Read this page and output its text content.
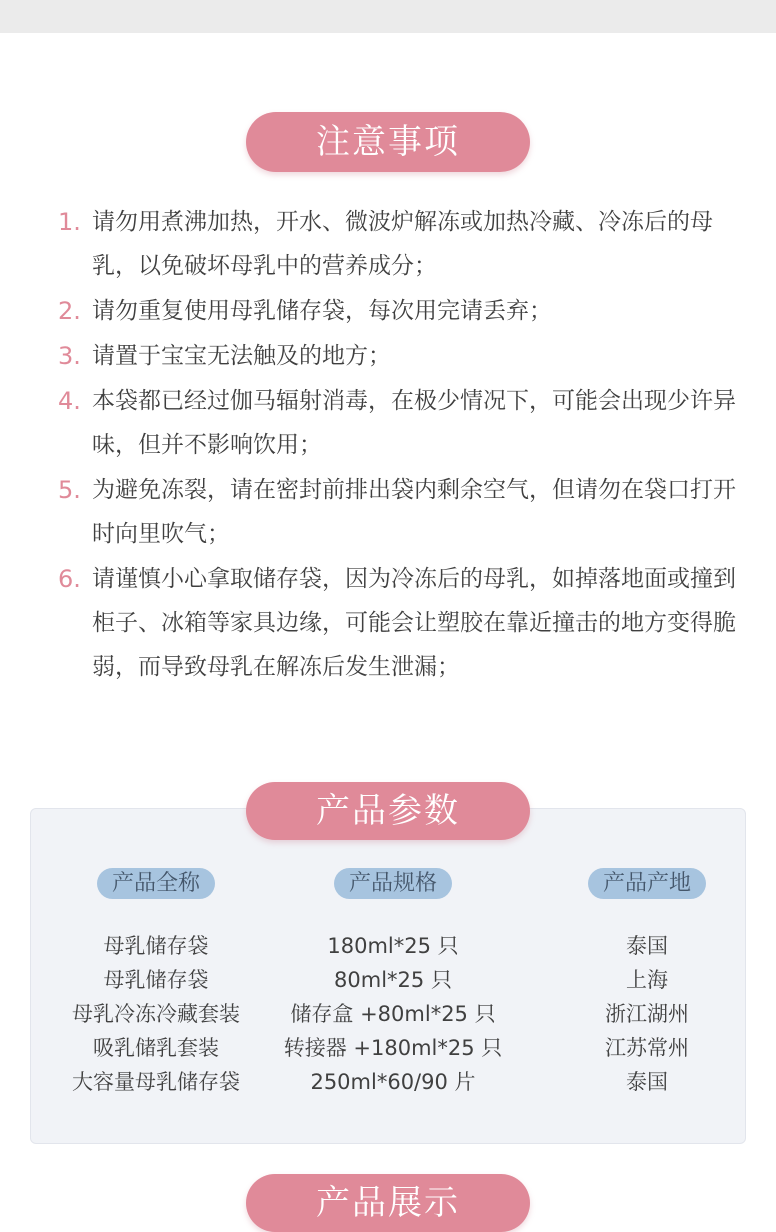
注意事项
1. 请勿用煮沸加热，开水、微波炉解冻或加热冷藏、冷冻后的母乳，以免破坏母乳中的营养成分；
2. 请勿重复使用母乳储存袋，每次用完请丢弃；
3. 请置于宝宝无法触及的地方；
4. 本袋都已经过伽马辐射消毒，在极少情况下，可能会出现少许异味，但并不影响饮用；
5. 为避免冻裂，请在密封前排出袋内剩余空气，但请勿在袋口打开时向里吹气；
6. 请谨慎小心拿取储存袋，因为冷冻后的母乳，如掉落地面或撞到柜子、冰箱等家具边缘，可能会让塑胶在靠近撞击的地方变得脆弱，而导致母乳在解冻后发生泄漏；
产品参数
产品全称
母乳储存袋
母乳储存袋
母乳冷冻冷藏套装
吸乳储乳套装
大容量母乳储存袋
产品规格
180ml*25 只
80ml*25 只
储存盒 +80ml*25 只
转接器 +180ml*25 只
250ml*60/90 片
产品产地
泰国
上海
浙江湖州
江苏常州
泰国
产品展示
